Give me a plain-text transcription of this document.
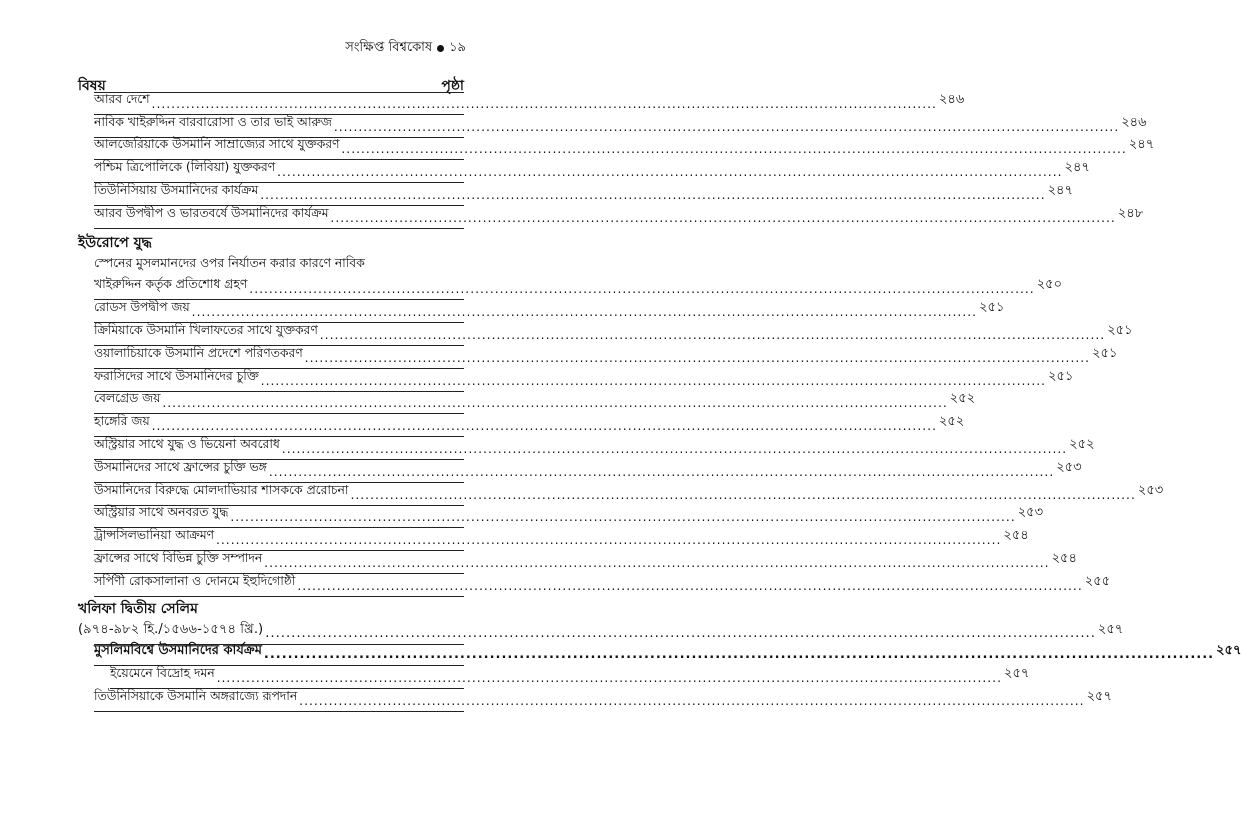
সংক্ষিপ্ত বিশ্বকোষ ১৯
বিষয়	পৃষ্ঠা
আরব দেশে .....	২৪৬
নাবিক খাইরুদ্দিন বারবারোসা ও তার ভাই আরুজ .....	২৪৬
আলজেরিয়াকে উসমানি সাম্রাজ্যের সাথে যুক্তকরণ .....	২৪৭
পশ্চিম ত্রিপোলিকে (লিবিয়া) যুক্তকরণ .....	২৪৭
তিউনিসিয়ায় উসমানিদের কার্যক্রম .....	২৪৭
আরব উপদ্বীপ ও ভারতবর্ষে উসমানিদের কার্যক্রম .....	২৪৮
ইউরোপে যুদ্ধ
স্পেনের মুসলমানদের ওপর নির্যাতন করার কারণে নাবিক
খাইরুদ্দিন কর্তৃক প্রতিশোধ গ্রহণ .....	২৫০
রোডস উপদ্বীপ জয় .....	২৫১
ক্রিমিয়াকে উসমানি খিলাফতের সাথে যুক্তকরণ .....	২৫১
ওয়ালাচিয়াকে উসমানি প্রদেশে পরিণতকরণ .....	২৫১
ফরাসিদের সাথে উসমানিদের চুক্তি .....	২৫১
বেলগ্রেড জয় .....	২৫২
হাঙ্গেরি জয় .....	২৫২
অস্ট্রিয়ার সাথে যুদ্ধ ও ভিয়েনা অবরোধ .....	২৫২
উসমানিদের সাথে ফ্রান্সের চুক্তি ভঙ্গ .....	২৫৩
উসমানিদের বিরুদ্ধে মোলদাভিয়ার শাসককে প্ররোচনা .....	২৫৩
অস্ট্রিয়ার সাথে অনবরত যুদ্ধ .....	২৫৩
ট্রান্সসিলভানিয়া আক্রমণ .....	২৫৪
ফ্রান্সের সাথে বিভিন্ন চুক্তি সম্পাদন .....	২৫৪
সর্পিণী রোকসালানা ও দোনমে ইহুদিগোষ্ঠী .....	২৫৫
খলিফা দ্বিতীয় সেলিম
(৯৭৪-৯৮২ হি./১৫৬৬-১৫৭৪ খ্রি.) .....	২৫৭
মুসলিমবিশ্বে উসমানিদের কার্যক্রম .....	২৫৭
ইয়েমেনে বিদ্রোহ দমন .....	২৫৭
তিউনিসিয়াকে উসমানি অঙ্গরাজ্যে রূপদান .....	২৫৭
